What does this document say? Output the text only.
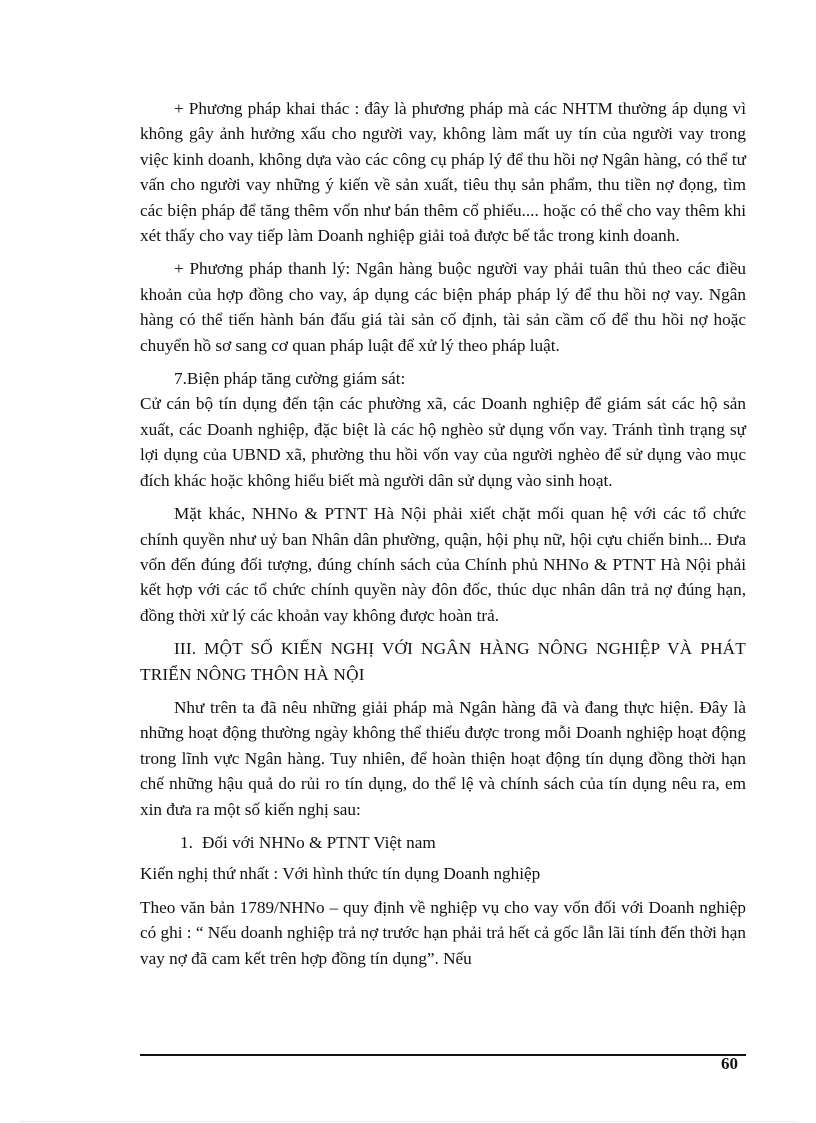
+ Phương pháp khai thác : đây là phương pháp mà các NHTM thường áp dụng vì không gây ảnh hưởng xấu cho người vay, không làm mất uy tín của người vay trong việc kinh doanh, không dựa vào các công cụ pháp lý để thu hồi nợ Ngân hàng, có thể tư vấn cho người vay những ý kiến về sản xuất, tiêu thụ sản phẩm, thu tiền nợ đọng, tìm các biện pháp để tăng thêm vốn như bán thêm cổ phiếu.... hoặc có thể cho vay thêm khi xét thấy cho vay tiếp làm Doanh nghiệp giải toả được bế tắc trong kinh doanh.

+ Phương pháp thanh lý: Ngân hàng buộc người vay phải tuân thủ theo các điều khoản của hợp đồng cho vay, áp dụng các biện pháp pháp lý để thu hồi nợ vay. Ngân hàng có thể tiến hành bán đấu giá tài sản cố định, tài sản cầm cố để thu hồi nợ hoặc chuyển hồ sơ sang cơ quan pháp luật để xử lý theo pháp luật.

7.Biện pháp tăng cường giám sát:

Cử cán bộ tín dụng đến tận các phường xã, các Doanh nghiệp để giám sát các hộ sản xuất, các Doanh nghiệp, đặc biệt là các hộ nghèo sử dụng vốn vay. Tránh tình trạng sự lợi dụng của UBND xã, phường thu hồi vốn vay của người nghèo để sử dụng vào mục đích khác hoặc không hiểu biết mà người dân sử dụng vào sinh hoạt.

Mặt khác, NHNo & PTNT Hà Nội phải xiết chặt mối quan hệ với các tổ chức chính quyền như uỷ ban Nhân dân phường, quận, hội phụ nữ, hội cựu chiến binh... Đưa vốn đến đúng đối tượng, đúng chính sách của Chính phủ NHNo & PTNT Hà Nội phải kết hợp với các tổ chức chính quyền này đôn đốc, thúc dục nhân dân trả nợ đúng hạn, đồng thời xử lý các khoản vay không được hoàn trả.

III. MỘT SỐ KIẾN NGHỊ VỚI NGÂN HÀNG NÔNG NGHIỆP VÀ PHÁT TRIỂN NÔNG THÔN HÀ NỘI

Như trên ta đã nêu những giải pháp mà Ngân hàng đã và đang thực hiện. Đây là những hoạt động thường ngày không thể thiếu được trong mỗi Doanh nghiệp hoạt động trong lĩnh vực Ngân hàng. Tuy nhiên, để hoàn thiện hoạt động tín dụng đồng thời hạn chế những hậu quả do rủi ro tín dụng, do thể lệ và chính sách của tín dụng nêu ra, em xin đưa ra một số kiến nghị sau:

1. Đối với NHNo & PTNT Việt nam

Kiến nghị thứ nhất : Với hình thức tín dụng Doanh nghiệp

Theo văn bản 1789/NHNo – quy định về nghiệp vụ cho vay vốn đối với Doanh nghiệp có ghi : “ Nếu doanh nghiệp trả nợ trước hạn phải trả hết cả gốc lẫn lãi tính đến thời hạn vay nợ đã cam kết trên hợp đồng tín dụng”. Nếu

60
